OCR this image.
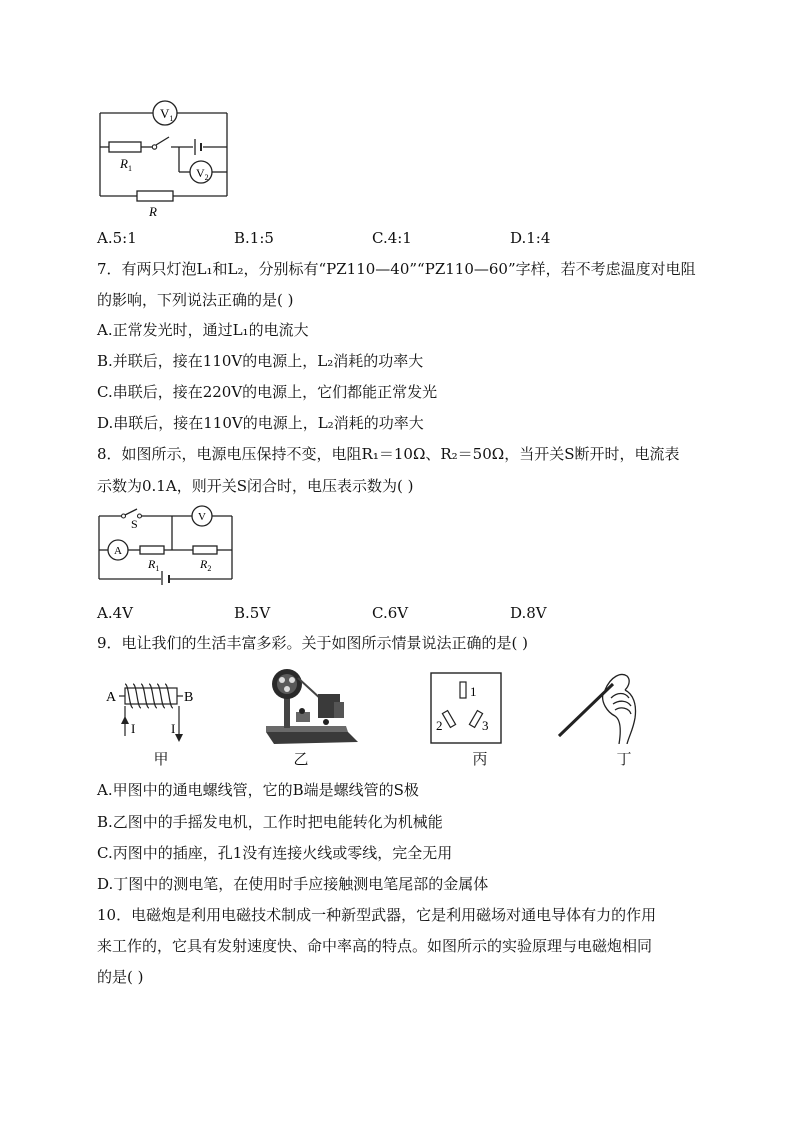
$V_1$
$V_2$
$R_1$
R
A.5:1	B.1:5	C.4:1	D.1:4
7．有两只灯泡L₁和L₂，分别标有“PZ110—40”“PZ110—60”字样，若不考虑温度对电阻
的影响，下列说法正确的是( )
A.正常发光时，通过L₁的电流大
B.并联后，接在110V的电源上，L₂消耗的功率大
C.串联后，接在220V的电源上，它们都能正常发光
D.串联后，接在110V的电源上，L₂消耗的功率大
8．如图所示，电源电压保持不变，电阻R₁＝10Ω、R₂＝50Ω，当开关S断开时，电流表
示数为0.1A，则开关S闭合时，电压表示数为( )
S	V
A
$R_1$	$R_2$
A.4V	B.5V	C.6V	D.8V
9．电让我们的生活丰富多彩。关于如图所示情景说法正确的是( )
A	B
I	I
1
2	3
甲	乙	丙	丁
A.甲图中的通电螺线管，它的B端是螺线管的S极
B.乙图中的手摇发电机，工作时把电能转化为机械能
C.丙图中的插座，孔1没有连接火线或零线，完全无用
D.丁图中的测电笔，在使用时手应接触测电笔尾部的金属体
10．电磁炮是利用电磁技术制成一种新型武器，它是利用磁场对通电导体有力的作用
来工作的，它具有发射速度快、命中率高的特点。如图所示的实验原理与电磁炮相同
的是( )
